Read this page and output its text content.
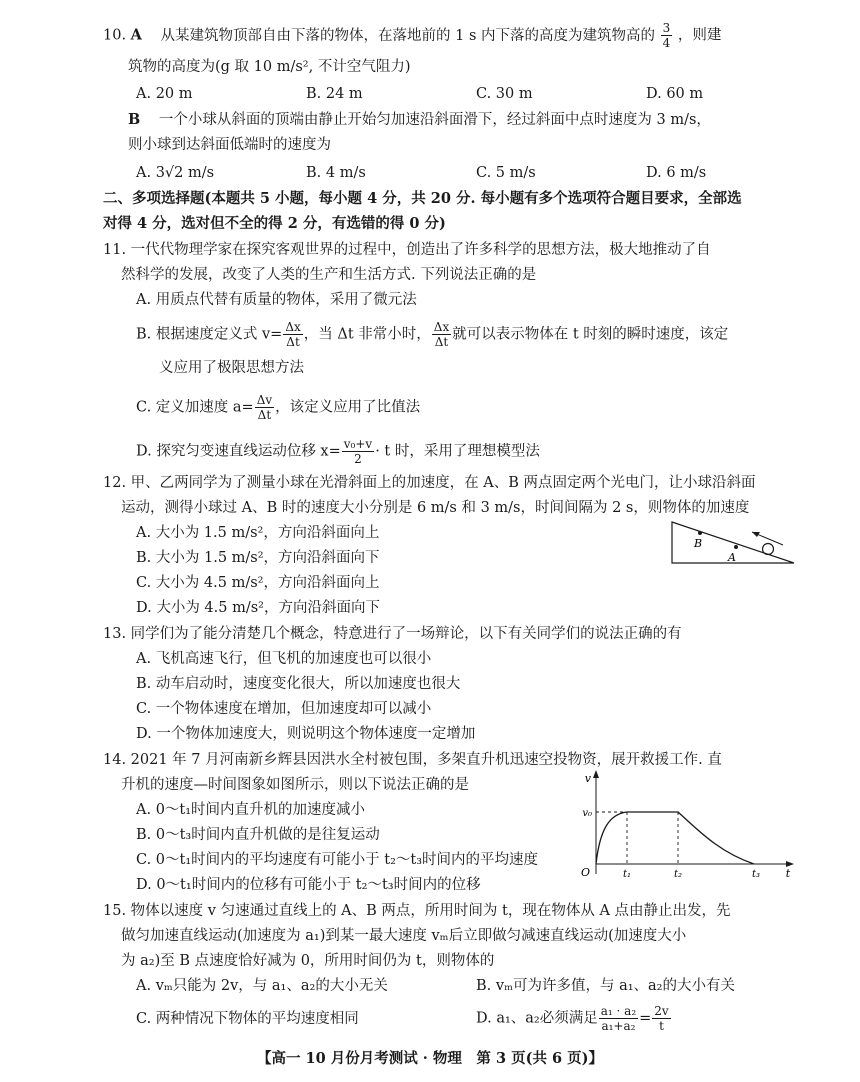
10. A 从某建筑物顶部自由下落的物体，在落地前的 1 s 内下落的高度为建筑物高的 $\frac{3}{4}$ ，则建
筑物的高度为(g 取 10 m/s², 不计空气阻力)
A. 20 m	B. 24 m	C. 30 m	D. 60 m
B 一个小球从斜面的顶端由静止开始匀加速沿斜面滑下，经过斜面中点时速度为 3 m/s，
则小球到达斜面低端时的速度为
A. 3√2 m/s	B. 4 m/s	C. 5 m/s	D. 6 m/s
二、多项选择题(本题共 5 小题，每小题 4 分，共 20 分. 每小题有多个选项符合题目要求，全部选
对得 4 分，选对但不全的得 2 分，有选错的得 0 分)
11. 一代代物理学家在探究客观世界的过程中，创造出了许多科学的思想方法，极大地推动了自
然科学的发展，改变了人类的生产和生活方式. 下列说法正确的是
A. 用质点代替有质量的物体，采用了微元法
B. 根据速度定义式 $v= \frac{\Delta x}{\Delta t}$ ，当 Δt 非常小时， $\frac{\Delta x}{\Delta t}$ 就可以表示物体在 t 时刻的瞬时速度，该定
义应用了极限思想方法
C. 定义加速度 $a= \frac{\Delta v}{\Delta t}$ ，该定义应用了比值法
D. 探究匀变速直线运动位移 $x= \frac{\text{v₀+v}}{2} \cdot t$ 时，采用了理想模型法
12. 甲、乙两同学为了测量小球在光滑斜面上的加速度，在 A、B 两点固定两个光电门，让小球沿斜面
运动，测得小球过 A、B 时的速度大小分别是 6 m/s 和 3 m/s，时间间隔为 2 s，则物体的加速度
A. 大小为 1.5 m/s²，方向沿斜面向上
B. 大小为 1.5 m/s²，方向沿斜面向下
C. 大小为 4.5 m/s²，方向沿斜面向上
D. 大小为 4.5 m/s²，方向沿斜面向下
B
A
13. 同学们为了能分清楚几个概念，特意进行了一场辩论，以下有关同学们的说法正确的有
A. 飞机高速飞行，但飞机的加速度也可以很小
B. 动车启动时，速度变化很大，所以加速度也很大
C. 一个物体速度在增加，但加速度却可以减小
D. 一个物体加速度大，则说明这个物体速度一定增加
14. 2021 年 7 月河南新乡辉县因洪水全村被包围，多架直升机迅速空投物资，展开救援工作. 直
升机的速度—时间图象如图所示，则以下说法正确的是
A. 0～t₁时间内直升机的加速度减小
B. 0～t₃时间内直升机做的是往复运动
C. 0～t₁时间内的平均速度有可能小于 t₂～t₃时间内的平均速度
D. 0～t₁时间内的位移有可能小于 t₂～t₃时间内的位移
v
v₀
O	t₁	t₂	t₃ t
15. 物体以速度 v 匀速通过直线上的 A、B 两点，所用时间为 t，现在物体从 A 点由静止出发，先
做匀加速直线运动(加速度为 a₁)到某一最大速度 vₘ后立即做匀减速直线运动(加速度大小
为 a₂)至 B 点速度恰好减为 0，所用时间仍为 t，则物体的
A. vₘ只能为 2v，与 a₁、a₂的大小无关	B. vₘ可为许多值，与 a₁、a₂的大小有关
C. 两种情况下物体的平均速度相同	D. a₁、a₂必须满足 $\frac{\text{a₁ · a₂}}{\text{a₁+a₂}} = \frac{2v}{t}$
【高一 10 月份月考测试 · 物理　第 3 页(共 6 页)】
